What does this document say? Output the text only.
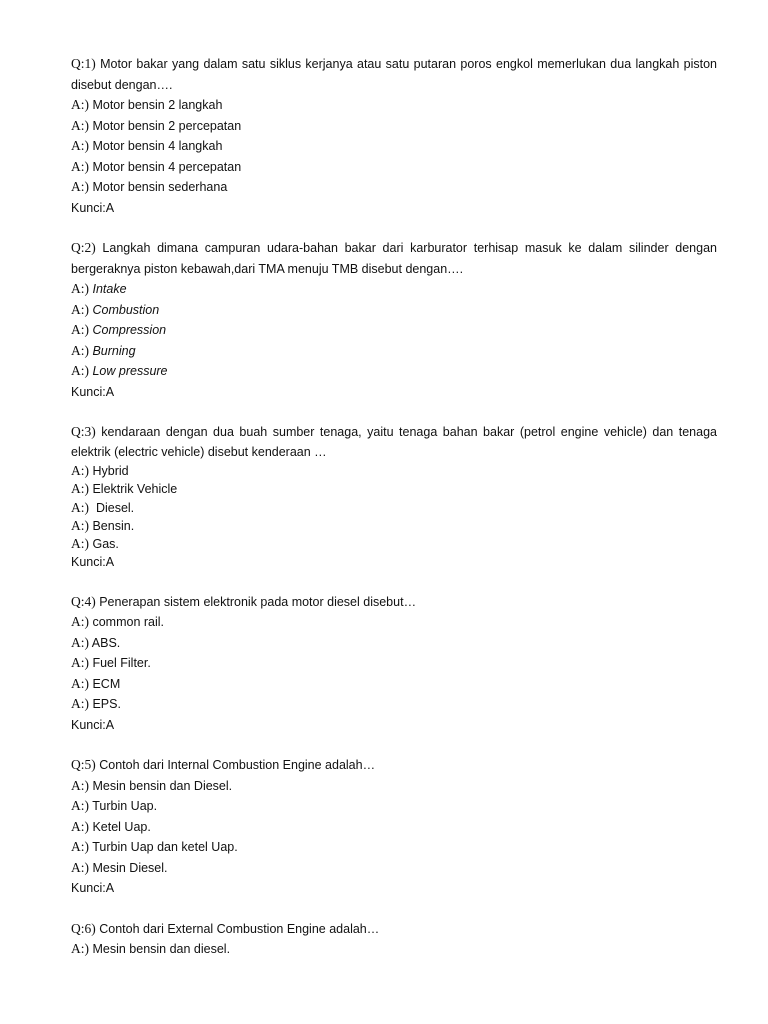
Q:1) Motor bakar yang dalam satu siklus kerjanya atau satu putaran poros engkol memerlukan dua langkah piston disebut dengan….

A:) Motor bensin 2 langkah

A:) Motor bensin 2 percepatan

A:) Motor bensin 4 langkah

A:) Motor bensin 4 percepatan

A:) Motor bensin sederhana

Kunci:A

Q:2) Langkah dimana campuran udara-bahan bakar dari karburator terhisap masuk ke dalam silinder dengan bergeraknya piston kebawah,dari TMA menuju TMB disebut dengan….

A:) Intake

A:) Combustion

A:) Compression

A:) Burning

A:) Low pressure

Kunci:A

Q:3) kendaraan dengan dua buah sumber tenaga, yaitu tenaga bahan bakar (petrol engine vehicle) dan tenaga elektrik (electric vehicle) disebut kenderaan …

A:) Hybrid

A:) Elektrik Vehicle

A:)  Diesel.

A:) Bensin.

A:) Gas.

Kunci:A

Q:4) Penerapan sistem elektronik pada motor diesel disebut…

A:) common rail.

A:) ABS.

A:) Fuel Filter.

A:) ECM

A:) EPS.

Kunci:A

Q:5) Contoh dari Internal Combustion Engine adalah…

A:) Mesin bensin dan Diesel.

A:) Turbin Uap.

A:) Ketel Uap.

A:) Turbin Uap dan ketel Uap.

A:) Mesin Diesel.

Kunci:A

Q:6) Contoh dari External Combustion Engine adalah…

A:) Mesin bensin dan diesel.
